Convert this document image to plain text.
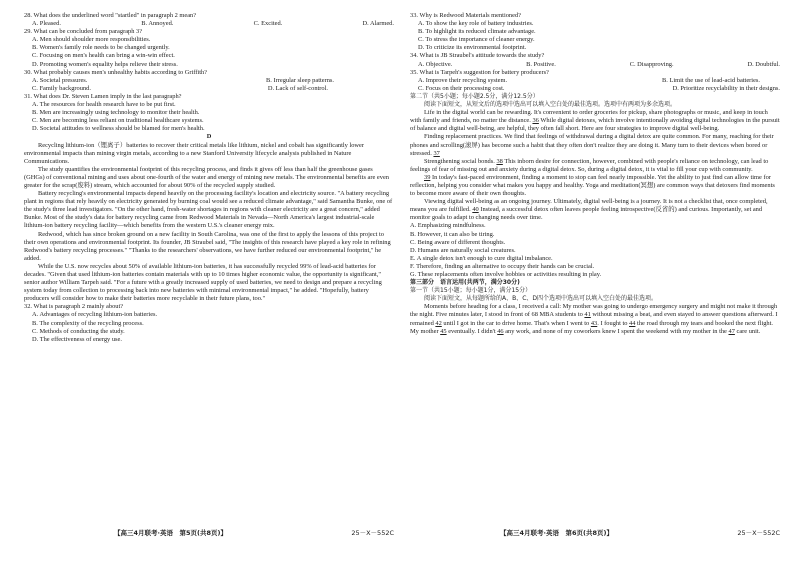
28. What does the underlined word "startled" in paragraph 2 mean?

A. Pleased.	B. Annoyed.	C. Excited.	D. Alarmed.

29. What can be concluded from paragraph 3?

A. Men should shoulder more responsibilities.

B. Women's family role needs to be changed urgently.

C. Focusing on men's health can bring a win-win effect.

D. Promoting women's equality helps relieve their stress.

30. What probably causes men's unhealthy habits according to Griffith?

A. Societal pressures.	B. Irregular sleep patterns.
C. Family background.	D. Lack of self-control.

31. What does Dr. Steven Lamen imply in the last paragraph?

A. The resources for health research have to be put first.

B. Men are increasingly using technology to monitor their health.

C. Men are becoming less reliant on traditional healthcare systems.

D. Societal attitudes to wellness should be blamed for men's health.

D

Recycling lithium-ion（锂离子）batteries to recover their critical metals like lithium, nickel and cobalt has significantly lower environmental impacts than mining virgin metals, according to a new Stanford University lifecycle analysis published in Nature Communications.

The study quantifies the environmental footprint of this recycling process, and finds it gives off less than half the greenhouse gases (GHGs) of conventional mining and uses about one-fourth of the water and energy of mining new metals. The environmental benefits are even greater for the scrap(废料) stream, which accounted for about 90% of the recycled supply studied.

Battery recycling's environmental impacts depend heavily on the processing facility's location and electricity source. "A battery recycling plant in regions that rely heavily on electricity generated by burning coal would see a reduced climate advantage," said Samantha Bunke, one of the study's three lead investigators. "On the other hand, fresh-water shortages in regions with cleaner electricity are a great concern," added Bunke. Most of the study's data for battery recycling came from Redwood Materials in Nevada—North America's largest industrial-scale lithium-ion battery recycling facility—which benefits from the western U.S.'s cleaner energy mix.

Redwood, which has since broken ground on a new facility in South Carolina, was one of the first to apply the lessons of this project to their own operations and environmental footprint. Its founder, JB Straubel said, "The insights of this research have played a key role in refining Redwood's battery recycling processes." "Thanks to the researchers' observations, we have further reduced our environmental footprint," he added.

While the U.S. now recycles about 50% of available lithium-ion batteries, it has successfully recycled 99% of lead-acid batteries for decades. "Given that used lithium-ion batteries contain materials with up to 10 times higher economic value, the opportunity is significant," senior author William Tarpeh said. "For a future with a greatly increased supply of used batteries, we need to design and prepare a recycling system today from collection to processing back into new batteries with minimal environmental impact," he added. "Hopefully, battery producers will consider how to make their batteries more recyclable in their future plans, too."

32. What is paragraph 2 mainly about?

A. Advantages of recycling lithium-ion batteries.

B. The complexity of the recycling process.

C. Methods of conducting the study.

D. The effectiveness of energy use.

【高三4月联考·英语　第5页(共8页)】	25－X－552C

33. Why is Redwood Materials mentioned?

A. To show the key role of battery industries.

B. To highlight its reduced climate advantage.

C. To stress the importance of cleaner energy.

D. To criticize its environmental footprint.

34. What is JB Straubel's attitude towards the study?

A. Objective.	B. Positive.	C. Disapproving.	D. Doubtful.

35. What is Tarpeh's suggestion for battery producers?

A. Improve their recycling system.	B. Limit the use of lead-acid batteries.
C. Focus on their processing cost.	D. Prioritize recyclability in their designs.

第二节（共5小题；每小题2.5分，满分12.5分）

阅读下面短文，从短文后的选项中选出可以填入空白处的最佳选项。选项中有两项为多余选项。

Life in the digital world can be rewarding. It's convenient to order groceries for pickup, share photographs or music, and keep in touch with family and friends, no matter the distance. 36 While digital detoxes, which involve intentionally avoiding digital technologies in the pursuit of balance and digital well-being, are helpful, they often fall short. Here are four strategies to improve digital well-being.

Finding replacement practices. We find that feelings of withdrawal during a digital detox are quite common. For many, reaching for their phones and scrolling(滚屏) has become such a habit that they often don't realize they are doing it. Many turn to their devices when bored or stressed. 37

Strengthening social bonds. 38 This inborn desire for connection, however, combined with people's reliance on technology, can lead to feelings of fear of missing out and anxiety during a digital detox. So, during a digital detox, it is vital to fill your cup with community.

39 In today's fast-paced environment, finding a moment to stop can feel nearly impossible. Yet the ability to just find can allow time for reflection, helping you consider what makes you happy and healthy. Yoga and meditation(冥想) are common ways that detoxers find moments to become more aware of their own thoughts.

Viewing digital well-being as an ongoing journey. Ultimately, digital well-being is a journey. It is not a checklist that, once completed, means you are fulfilled. 40 Instead, a successful detox often leaves people feeling introspective(反省的) and curious. Importantly, set and monitor goals to adapt to changing needs over time.

A. Emphasizing mindfulness.

B. However, it can also be tiring.

C. Being aware of different thoughts.

D. Humans are naturally social creatures.

E. A single detox isn't enough to cure digital imbalance.

F. Therefore, finding an alternative to occupy their hands can be crucial.

G. These replacements often involve hobbies or activities resulting in play.

第三部分　语言运用(共两节，满分30分)

第一节（共15小题；每小题1分，满分15分）

阅读下面短文，从每题所给的A、B、C、D四个选项中选出可以填入空白处的最佳选项。

Moments before heading for a class, I received a call: My mother was going to undergo emergency surgery and might not make it through the night. Five minutes later, I stood in front of 68 MBA students to 41 without missing a beat, and even stayed to answer questions afterward. I remained 42 until I got in the car to drive home. That's when I went to 43. I fought to 44 the road through my tears and booked the next flight. My mother 45 eventually. I didn't 46 any work, and none of my coworkers knew I spent the weekend with my mother in the 47 care unit.

【高三4月联考·英语　第6页(共8页)】	25－X－552C
